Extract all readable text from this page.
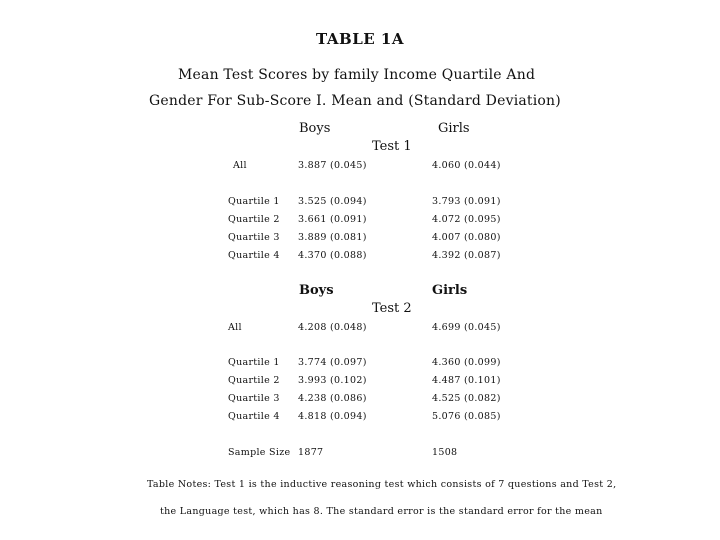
TABLE 1A
Mean Test Scores by family Income Quartile And
Gender For Sub-Score I. Mean and (Standard Deviation)
Boys	Girls
Test 1
All	3.887 (0.045)	4.060 (0.044)
Quartile 1 3.525 (0.094)	3.793 (0.091)
Quartile 2 3.661 (0.091)	4.072 (0.095)
Quartile 3 3.889 (0.081)	4.007 (0.080)
Quartile 4 4.370 (0.088)	4.392 (0.087)
Boys	Girls
Test 2
All	4.208 (0.048)	4.699 (0.045)
Quartile 1 3.774 (0.097)	4.360 (0.099)
Quartile 2 3.993 (0.102)	4.487 (0.101)
Quartile 3 4.238 (0.086)	4.525 (0.082)
Quartile 4 4.818 (0.094)	5.076 (0.085)
Sample Size 1877	1508
Table Notes: Test 1 is the inductive reasoning test which consists of 7 questions and Test 2,
the Language test, which has 8. The standard error is the standard error for the mean
